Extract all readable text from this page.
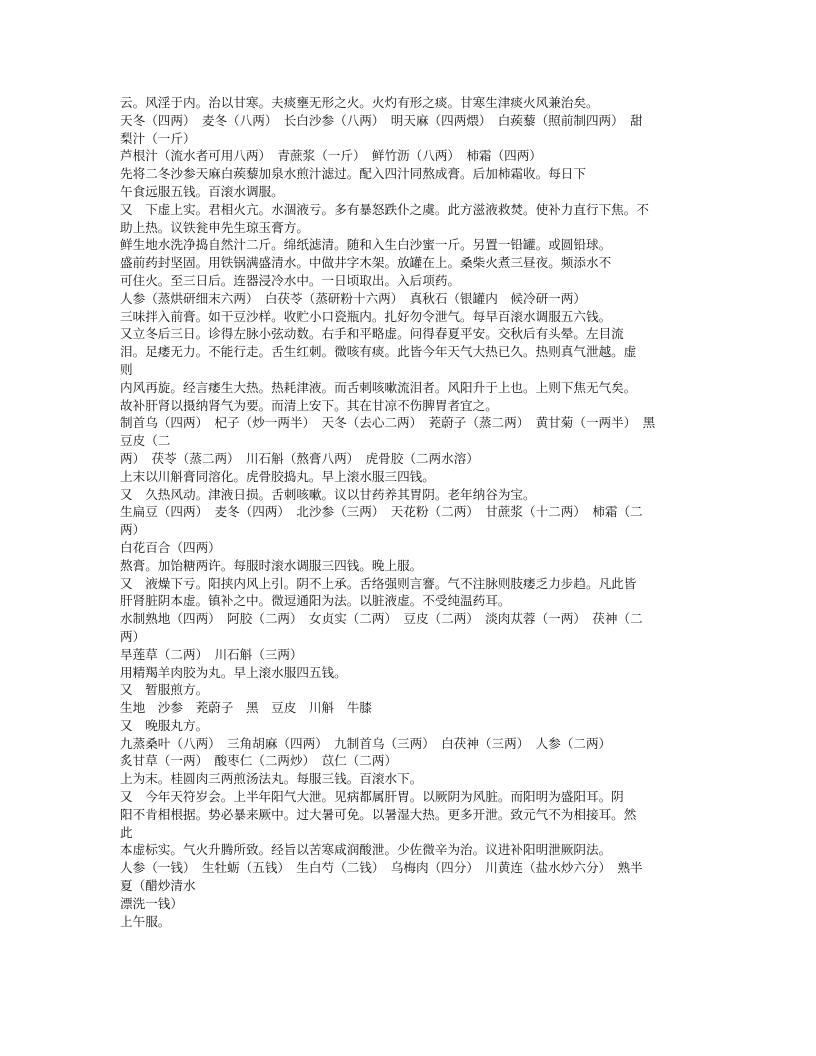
云。风淫于内。治以甘寒。夫痰壅无形之火。火灼有形之痰。甘寒生津痰火风兼治矣。
天冬（四两）　麦冬（八两）　长白沙参（八两）　明天麻（四两煨）　白蒺藜（照前制四两）　甜
梨汁（一斤）
芦根汁（流水者可用八两）　青蔗浆（一斤）　鲜竹沥（八两）　柿霜（四两）
先将二冬沙参天麻白蒺藜加泉水煎汁滤过。配入四汁同熬成膏。后加柿霜收。每日下
午食远服五钱。百滚水调服。
又　下虚上实。君相火亢。水涸液亏。多有暴怒跌仆之虞。此方滋液救焚。使补力直行下焦。不
助上热。议铁瓮申先生琼玉膏方。
鲜生地水洗净捣自然汁二斤。绵纸滤清。随和入生白沙蜜一斤。另置一铅罐。或圆铅球。
盛前药封坚固。用铁锅满盛清水。中做井字木架。放罐在上。桑柴火煮三昼夜。频添水不
可住火。至三日后。连器浸冷水中。一日顷取出。入后项药。
人参（蒸烘研细末六两）　白茯苓（蒸研粉十六两）　真秋石（银罐内　候冷研一两）
三味拌入前膏。如干豆沙样。收贮小口瓷瓶内。扎好勿令泄气。每早百滚水调服五六钱。
又立冬后三日。诊得左脉小弦动数。右手和平略虚。问得春夏平安。交秋后有头晕。左目流
泪。足痿无力。不能行走。舌生红刺。微咳有痰。此皆今年天气大热已久。热则真气泄越。虚
则
内风再旋。经言痿生大热。热耗津液。而舌刺咳嗽流泪者。风阳升于上也。上则下焦无气矣。
故补肝肾以摄纳肾气为要。而清上安下。其在甘凉不伤脾胃者宜之。
制首乌（四两）　杞子（炒一两半）　天冬（去心二两）　茺蔚子（蒸二两）　黄甘菊（一两半）　黑
豆皮（二
两）　茯苓（蒸二两）　川石斛（熬膏八两）　虎骨胶（二两水溶）
上末以川斛膏同溶化。虎骨胶捣丸。早上滚水服三四钱。
又　久热风动。津液日损。舌刺咳嗽。议以甘药养其胃阴。老年纳谷为宝。
生扁豆（四两）　麦冬（四两）　北沙参（三两）　天花粉（二两）　甘蔗浆（十二两）　柿霜（二
两）
白花百合（四两）
熬膏。加饴糖两许。每服时滚水调服三四钱。晚上服。
又　液燥下亏。阳挟内风上引。阴不上承。舌络强则言謇。气不注脉则肢痿乏力步趋。凡此皆
肝肾脏阴本虚。镇补之中。微逗通阳为法。以脏液虚。不受纯温药耳。
水制熟地（四两）　阿胶（二两）　女贞实（二两）　豆皮（二两）　淡肉苁蓉（一两）　茯神（二
两）
旱莲草（二两）　川石斛（三两）
用精羯羊肉胶为丸。早上滚水服四五钱。
又　暂服煎方。
生地　沙参　茺蔚子　黑　豆皮　川斛　牛膝
又　晚服丸方。
九蒸桑叶（八两）　三角胡麻（四两）　九制首乌（三两）　白茯神（三两）　人参（二两）
炙甘草（一两）　酸枣仁（二两炒）　苡仁（二两）
上为末。桂圆肉三两煎汤法丸。每服三钱。百滚水下。
又　今年天符岁会。上半年阳气大泄。见病都属肝胃。以厥阴为风脏。而阳明为盛阳耳。阴
阳不肯相根据。势必暴来厥中。过大暑可免。以暑湿大热。更多开泄。致元气不为相接耳。然
此
本虚标实。气火升腾所致。经旨以苦寒咸润酸泄。少佐微辛为治。议进补阳明泄厥阴法。
人参（一钱）　生牡蛎（五钱）　生白芍（二钱）　乌梅肉（四分）　川黄连（盐水炒六分）　熟半
夏（醋炒清水
漂洗一钱）
上午服。
